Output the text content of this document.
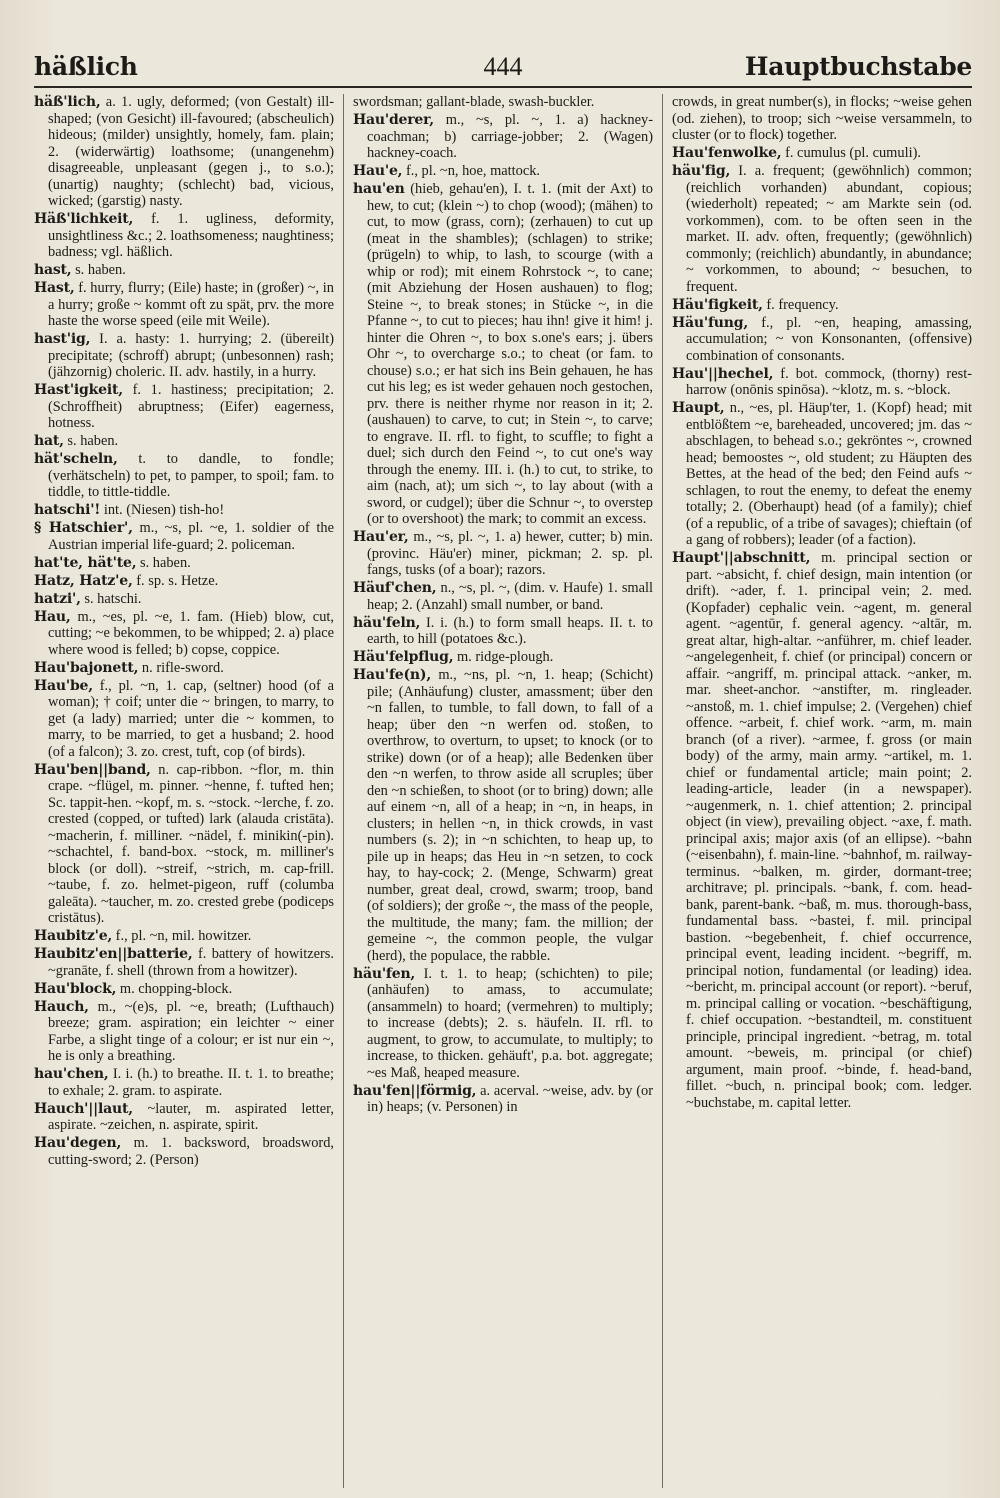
häßlich	444	Hauptbuchstabe

häß'lich, a. 1. ugly, deformed; (von Gestalt) ill-shaped; (von Gesicht) ill-favoured; (abscheulich) hideous; (milder) unsightly, homely, fam. plain; 2. (widerwärtig) loathsome; (unangenehm) disagreeable, unpleasant (gegen j., to s.o.); (unartig) naughty; (schlecht) bad, vicious, wicked; (garstig) nasty.

Häß'lichkeit, f. 1. ugliness, deformity, unsightliness &c.; 2. loathsomeness; naughtiness; badness; vgl. häßlich.

hast, s. haben.

Hast, f. hurry, flurry; (Eile) haste; in (großer) ~, in a hurry; große ~ kommt oft zu spät, prv. the more haste the worse speed (eile mit Weile).

hast'ig, I. a. hasty: 1. hurrying; 2. (übereilt) precipitate; (schroff) abrupt; (unbesonnen) rash; (jähzornig) choleric. II. adv. hastily, in a hurry.

Hast'igkeit, f. 1. hastiness; precipitation; 2. (Schroffheit) abruptness; (Eifer) eagerness, hotness.

hat, s. haben.

hät'scheln, t. to dandle, to fondle; (verhätscheln) to pet, to pamper, to spoil; fam. to tiddle, to tittle-tiddle.

hatschi'! int. (Niesen) tish-ho!

§ Hatschier', m., ~s, pl. ~e, 1. soldier of the Austrian imperial life-guard; 2. policeman.

hat'te, hät'te, s. haben.

Hatz, Hatz'e, f. sp. s. Hetze.

hatzi', s. hatschi.

Hau, m., ~es, pl. ~e, 1. fam. (Hieb) blow, cut, cutting; ~e bekommen, to be whipped; 2. a) place where wood is felled; b) copse, coppice.

Hau'bajonett, n. rifle-sword.

Hau'be, f., pl. ~n, 1. cap, (seltner) hood (of a woman); † coif; unter die ~ bringen, to marry, to get (a lady) married; unter die ~ kommen, to marry, to be married, to get a husband; 2. hood (of a falcon); 3. zo. crest, tuft, cop (of birds).

Hau'ben||band, n. cap-ribbon. ~flor, m. thin crape. ~flügel, m. pinner. ~henne, f. tufted hen; Sc. tappit-hen. ~kopf, m. s. ~stock. ~lerche, f. zo. crested (copped, or tufted) lark (alauda cristāta). ~macherin, f. milliner. ~nädel, f. minikin(-pin). ~schachtel, f. band-box. ~stock, m. milliner's block (or doll). ~streif, ~strich, m. cap-frill. ~taube, f. zo. helmet-pigeon, ruff (columba galeāta). ~taucher, m. zo. crested grebe (podiceps cristātus).

Haubitz'e, f., pl. ~n, mil. howitzer.

Haubitz'en||batterie, f. battery of howitzers. ~granāte, f. shell (thrown from a howitzer).

Hau'block, m. chopping-block.

Hauch, m., ~(e)s, pl. ~e, breath; (Lufthauch) breeze; gram. aspiration; ein leichter ~ einer Farbe, a slight tinge of a colour; er ist nur ein ~, he is only a breathing.

hau'chen, I. i. (h.) to breathe. II. t. 1. to breathe; to exhale; 2. gram. to aspirate.

Hauch'||laut, ~lauter, m. aspirated letter, aspirate. ~zeichen, n. aspirate, spirit.

Hau'degen, m. 1. backsword, broadsword, cutting-sword; 2. (Person)

swordsman; gallant-blade, swash-buckler.

Hau'derer, m., ~s, pl. ~, 1. a) hackney-coachman; b) carriage-jobber; 2. (Wagen) hackney-coach.

Hau'e, f., pl. ~n, hoe, mattock.

hau'en (hieb, gehau'en), I. t. 1. (mit der Axt) to hew, to cut; (klein ~) to chop (wood); (mähen) to cut, to mow (grass, corn); (zerhauen) to cut up (meat in the shambles); (schlagen) to strike; (prügeln) to whip, to lash, to scourge (with a whip or rod); mit einem Rohrstock ~, to cane; (mit Abziehung der Hosen aushauen) to flog; Steine ~, to break stones; in Stücke ~, in die Pfanne ~, to cut to pieces; hau ihn! give it him! j. hinter die Ohren ~, to box s.one's ears; j. übers Ohr ~, to overcharge s.o.; to cheat (or fam. to chouse) s.o.; er hat sich ins Bein gehauen, he has cut his leg; es ist weder gehauen noch gestochen, prv. there is neither rhyme nor reason in it; 2. (aushauen) to carve, to cut; in Stein ~, to carve; to engrave. II. rfl. to fight, to scuffle; to fight a duel; sich durch den Feind ~, to cut one's way through the enemy. III. i. (h.) to cut, to strike, to aim (nach, at); um sich ~, to lay about (with a sword, or cudgel); über die Schnur ~, to overstep (or to overshoot) the mark; to commit an excess.

Hau'er, m., ~s, pl. ~, 1. a) hewer, cutter; b) min. (provinc. Häu'er) miner, pickman; 2. sp. pl. fangs, tusks (of a boar); razors.

Häuf'chen, n., ~s, pl. ~, (dim. v. Haufe) 1. small heap; 2. (Anzahl) small number, or band.

häu'feln, I. i. (h.) to form small heaps. II. t. to earth, to hill (potatoes &c.).

Häu'felpflug, m. ridge-plough.

Hau'fe(n), m., ~ns, pl. ~n, 1. heap; (Schicht) pile; (Anhäufung) cluster, amassment; über den ~n fallen, to tumble, to fall down, to fall of a heap; über den ~n werfen od. stoßen, to overthrow, to overturn, to upset; to knock (or to strike) down (or of a heap); alle Bedenken über den ~n werfen, to throw aside all scruples; über den ~n schießen, to shoot (or to bring) down; alle auf einem ~n, all of a heap; in ~n, in heaps, in clusters; in hellen ~n, in thick crowds, in vast numbers (s. 2); in ~n schichten, to heap up, to pile up in heaps; das Heu in ~n setzen, to cock hay, to hay-cock; 2. (Menge, Schwarm) great number, great deal, crowd, swarm; troop, band (of soldiers); der große ~, the mass of the people, the multitude, the many; fam. the million; der gemeine ~, the common people, the vulgar (herd), the populace, the rabble.

häu'fen, I. t. 1. to heap; (schichten) to pile; (anhäufen) to amass, to accumulate; (ansammeln) to hoard; (vermehren) to multiply; to increase (debts); 2. s. häufeln. II. rfl. to augment, to grow, to accumulate, to multiply; to increase, to thicken. gehäuft', p.a. bot. aggregate; ~es Maß, heaped measure.

hau'fen||förmig, a. acerval. ~weise, adv. by (or in) heaps; (v. Personen) in

crowds, in great number(s), in flocks; ~weise gehen (od. ziehen), to troop; sich ~weise versammeln, to cluster (or to flock) together.

Hau'fenwolke, f. cumulus (pl. cumuli).

häu'fig, I. a. frequent; (gewöhnlich) common; (reichlich vorhanden) abundant, copious; (wiederholt) repeated; ~ am Markte sein (od. vorkommen), com. to be often seen in the market. II. adv. often, frequently; (gewöhnlich) commonly; (reichlich) abundantly, in abundance; ~ vorkommen, to abound; ~ besuchen, to frequent.

Häu'figkeit, f. frequency.

Häu'fung, f., pl. ~en, heaping, amassing, accumulation; ~ von Konsonanten, (offensive) combination of consonants.

Hau'||hechel, f. bot. commock, (thorny) rest-harrow (onōnis spinōsa). ~klotz, m. s. ~block.

Haupt, n., ~es, pl. Häup'ter, 1. (Kopf) head; mit entblößtem ~e, bareheaded, uncovered; jm. das ~ abschlagen, to behead s.o.; gekröntes ~, crowned head; bemoostes ~, old student; zu Häupten des Bettes, at the head of the bed; den Feind aufs ~ schlagen, to rout the enemy, to defeat the enemy totally; 2. (Oberhaupt) head (of a family); chief (of a republic, of a tribe of savages); chieftain (of a gang of robbers); leader (of a faction).

Haupt'||abschnitt, m. principal section or part. ~absicht, f. chief design, main intention (or drift). ~ader, f. 1. principal vein; 2. med. (Kopfader) cephalic vein. ~agent, m. general agent. ~agentūr, f. general agency. ~altār, m. great altar, high-altar. ~anführer, m. chief leader. ~angelegenheit, f. chief (or principal) concern or affair. ~angriff, m. principal attack. ~anker, m. mar. sheet-anchor. ~anstifter, m. ringleader. ~anstoß, m. 1. chief impulse; 2. (Vergehen) chief offence. ~arbeit, f. chief work. ~arm, m. main branch (of a river). ~armee, f. gross (or main body) of the army, main army. ~artikel, m. 1. chief or fundamental article; main point; 2. leading-article, leader (in a newspaper). ~augenmerk, n. 1. chief attention; 2. principal object (in view), prevailing object. ~axe, f. math. principal axis; major axis (of an ellipse). ~bahn (~eisenbahn), f. main-line. ~bahnhof, m. railway-terminus. ~balken, m. girder, dormant-tree; architrave; pl. principals. ~bank, f. com. head-bank, parent-bank. ~baß, m. mus. thorough-bass, fundamental bass. ~bastei, f. mil. principal bastion. ~begebenheit, f. chief occurrence, principal event, leading incident. ~begriff, m. principal notion, fundamental (or leading) idea. ~bericht, m. principal account (or report). ~beruf, m. principal calling or vocation. ~beschäftigung, f. chief occupation. ~bestandteil, m. constituent principle, principal ingredient. ~betrag, m. total amount. ~beweis, m. principal (or chief) argument, main proof. ~binde, f. head-band, fillet. ~buch, n. principal book; com. ledger. ~buchstabe, m. capital letter.
